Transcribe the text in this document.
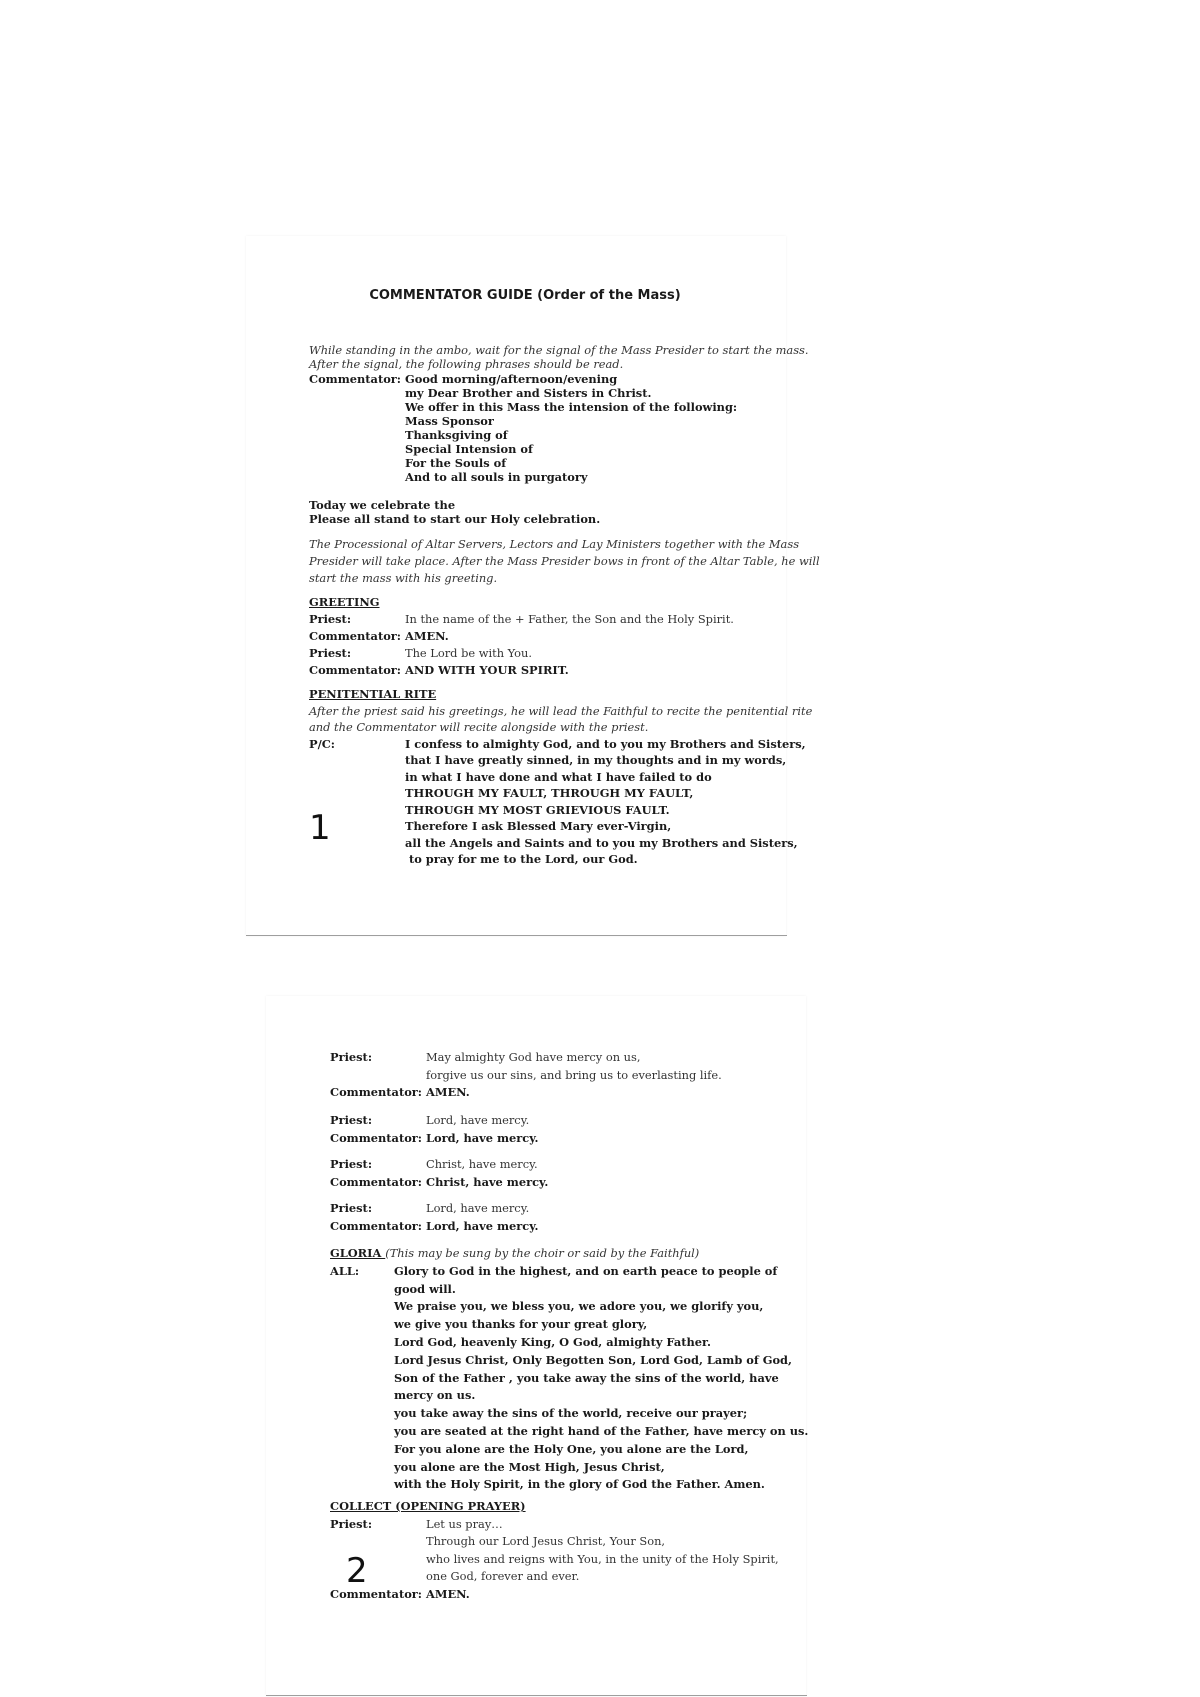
COMMENTATOR GUIDE (Order of the Mass)
While standing in the ambo, wait for the signal of the Mass Presider to start the mass.
After the signal, the following phrases should be read.
Commentator: Good morning/afternoon/evening
my Dear Brother and Sisters in Christ.
We offer in this Mass the intension of the following:
Mass Sponsor
Thanksgiving of
Special Intension of
For the Souls of
And to all souls in purgatory
Today we celebrate the
Please all stand to start our Holy celebration.
The Processional of Altar Servers, Lectors and Lay Ministers together with the Mass
Presider will take place. After the Mass Presider bows in front of the Altar Table, he will
start the mass with his greeting.
GREETING
Priest:	In the name of the + Father, the Son and the Holy Spirit.
Commentator: AMEN.
Priest:	The Lord be with You.
Commentator: AND WITH YOUR SPIRIT.
PENITENTIAL RITE
After the priest said his greetings, he will lead the Faithful to recite the penitential rite
and the Commentator will recite alongside with the priest.
P/C:	I confess to almighty God, and to you my Brothers and Sisters,
that I have greatly sinned, in my thoughts and in my words,
in what I have done and what I have failed to do
THROUGH MY FAULT, THROUGH MY FAULT,
THROUGH MY MOST GRIEVIOUS FAULT.
Therefore I ask Blessed Mary ever-Virgin,
all the Angels and Saints and to you my Brothers and Sisters,
to pray for me to the Lord, our God.
1
Priest:	May almighty God have mercy on us,
forgive us our sins, and bring us to everlasting life.
Commentator: AMEN.
Priest:	Lord, have mercy.
Commentator: Lord, have mercy.
Priest:	Christ, have mercy.
Commentator: Christ, have mercy.
Priest:	Lord, have mercy.
Commentator: Lord, have mercy.
GLORIA (This may be sung by the choir or said by the Faithful)
ALL:	Glory to God in the highest, and on earth peace to people of
good will.
We praise you, we bless you, we adore you, we glorify you,
we give you thanks for your great glory,
Lord God, heavenly King, O God, almighty Father.
Lord Jesus Christ, Only Begotten Son, Lord God, Lamb of God,
Son of the Father , you take away the sins of the world, have
mercy on us.
you take away the sins of the world, receive our prayer;
you are seated at the right hand of the Father, have mercy on us.
For you alone are the Holy One, you alone are the Lord,
you alone are the Most High, Jesus Christ,
with the Holy Spirit, in the glory of God the Father. Amen.
COLLECT (OPENING PRAYER)
Priest:	Let us pray…
Through our Lord Jesus Christ, Your Son,
who lives and reigns with You, in the unity of the Holy Spirit,
one God, forever and ever.
Commentator: AMEN.
2
